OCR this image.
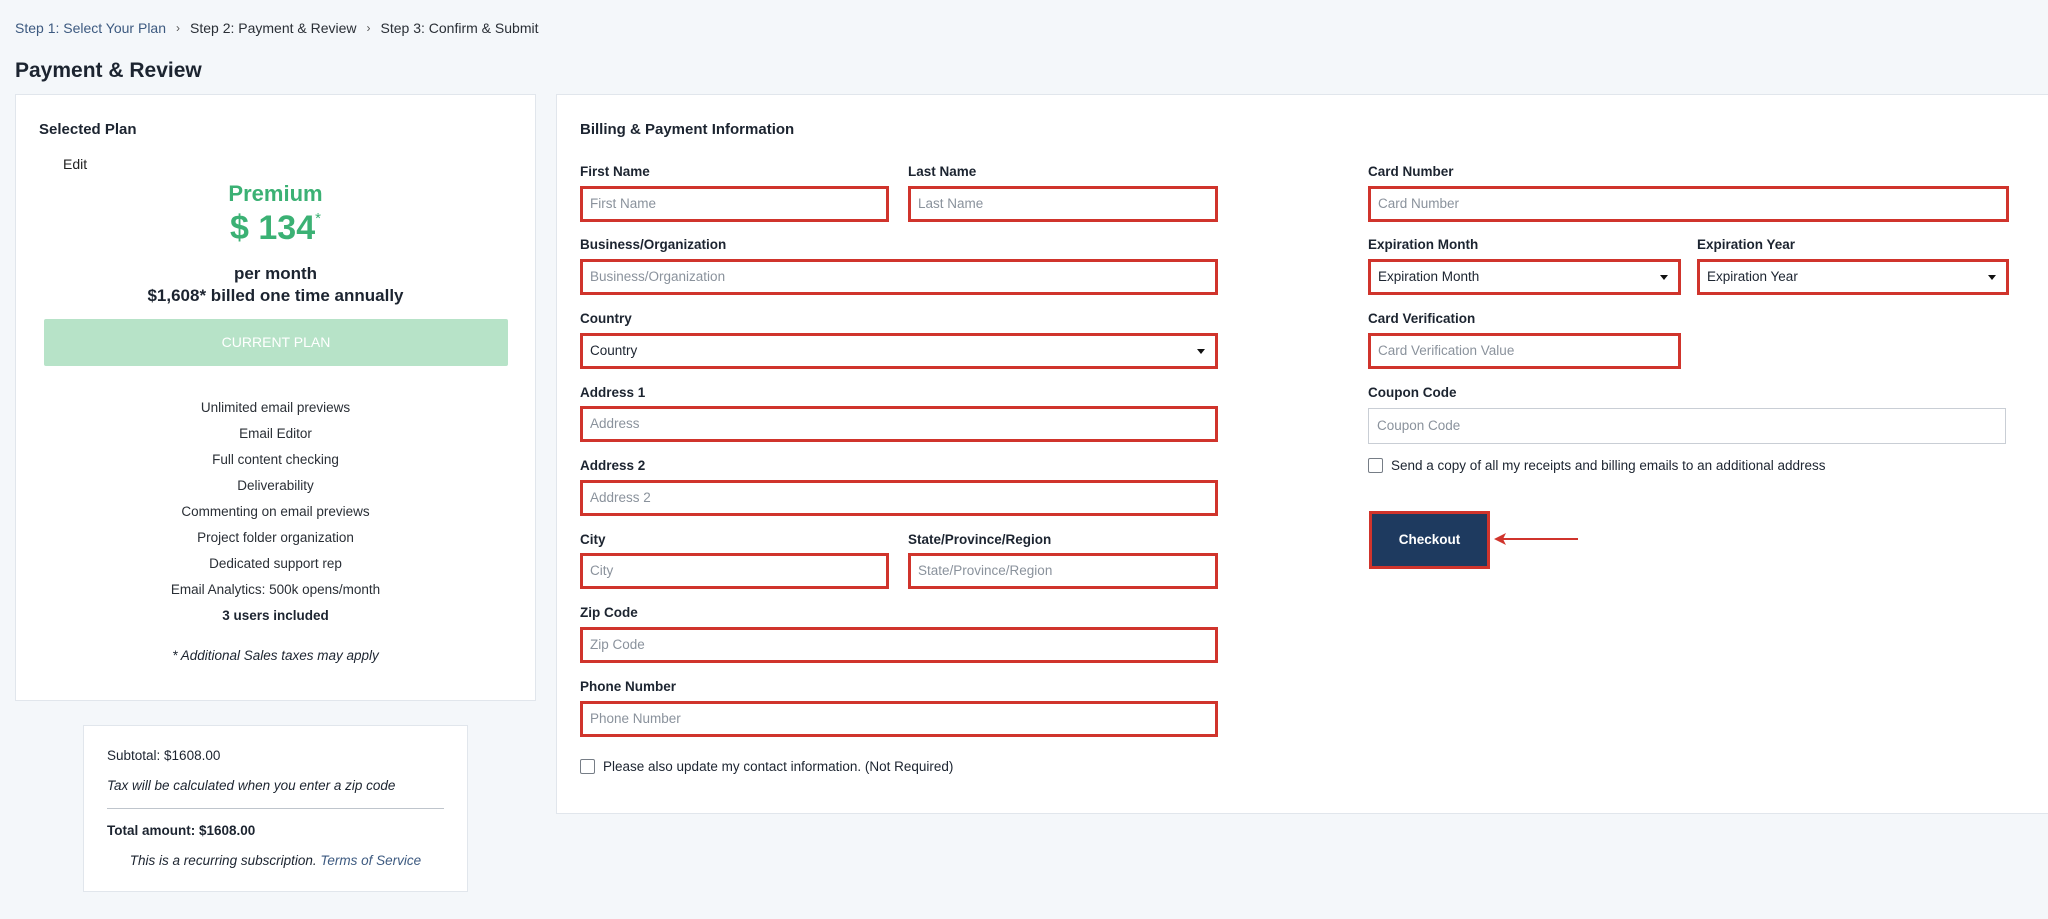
Step 1: Select Your Plan › Step 2: Payment & Review › Step 3: Confirm & Submit
Payment & Review
Selected Plan
Edit
Premium
$ 134*
per month
$1,608* billed one time annually
CURRENT PLAN
Unlimited email previews
Email Editor
Full content checking
Deliverability
Commenting on email previews
Project folder organization
Dedicated support rep
Email Analytics: 500k opens/month
3 users included
* Additional Sales taxes may apply
Subtotal: $1608.00
Tax will be calculated when you enter a zip code
Total amount: $1608.00
This is a recurring subscription. Terms of Service
Billing & Payment Information
First Name
First Name
Last Name
Last Name
Business/Organization
Business/Organization
Country
Country
Address 1
Address
Address 2
Address 2
City
City
State/Province/Region
State/Province/Region
Zip Code
Zip Code
Phone Number
Phone Number
Please also update my contact information. (Not Required)
Card Number
Card Number
Expiration Month
Expiration Month
Expiration Year
Expiration Year
Card Verification
Card Verification Value
Coupon Code
Coupon Code
Send a copy of all my receipts and billing emails to an additional address
Checkout
